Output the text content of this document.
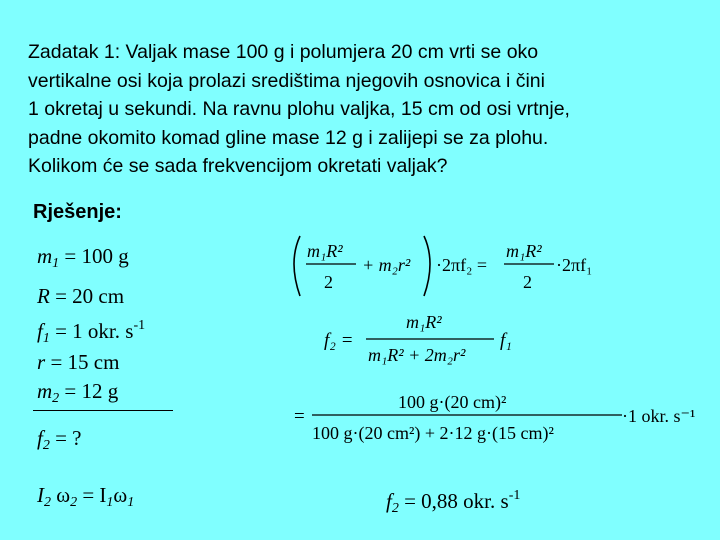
Zadatak 1: Valjak mase 100 g i polumjera 20 cm vrti se oko
vertikalne osi koja prolazi središtima njegovih osnovica i čini
1 okretaj u sekundi. Na ravnu plohu valjka, 15 cm od osi vrtnje,
padne okomito komad gline mase 12 g i zalijepi se za plohu.
Kolikom će se sada frekvencijom okretati valjak?
Rješenje:
$m_1 = 100$ g
R = 20 cm
$f_1 = 1$ okr. $s^{-1}$
r = 15 cm
$m_2 = 12$ g
$f_2$ = ?
$I_2$ $\omega_2 = I_1\omega_1$	$f_2 = 0,88$ okr. $s^{-1}$
m₁R²
2
+ m₂r² ·2πf₂ =
m₁R²
2
·2πf₁
f₂ =
m₁R²
m₁R² + 2m₂r²
f₁
=
100 g·(20 cm)²
100 g·(20 cm²) + 2·12 g·(15 cm)²
·1 okr. s⁻¹
